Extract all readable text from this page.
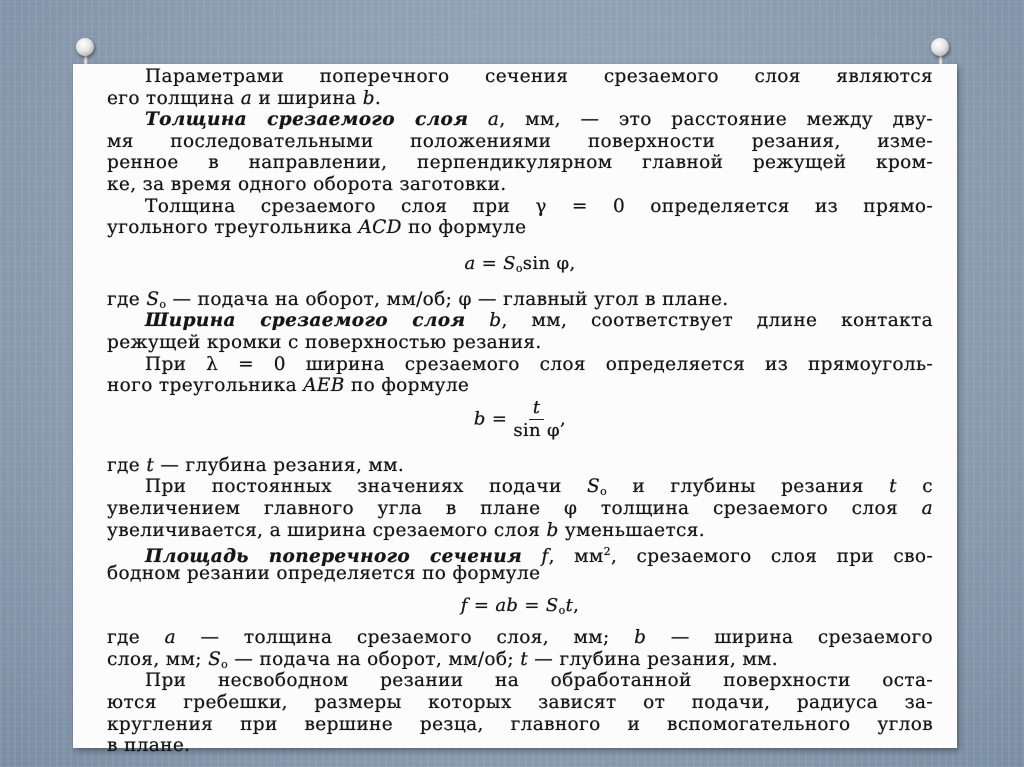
Параметрами поперечного сечения срезаемого слоя являются
его толщина a и ширина b.
Толщина срезаемого слоя a, мм, — это расстояние между дву-
мя последовательными положениями поверхности резания, изме-
ренное в направлении, перпендикулярном главной режущей кром-
ке, за время одного оборота заготовки.
Толщина срезаемого слоя при γ = 0 определяется из прямо-
угольного треугольника ACD по формуле
$a = S_o\sin$ φ,
где $S_o$ — подача на оборот, мм/об; φ — главный угол в плане.
Ширина срезаемого слоя b, мм, соответствует длине контакта
режущей кромки с поверхностью резания.
При λ = 0 ширина срезаемого слоя определяется из прямоуголь-
ного треугольника AEB по формуле
$b = \frac{t}{\text{sin φ}}$ ,
где t — глубина резания, мм.
При постоянных значениях подачи $S_o$ и глубины резания t с
увеличением главного угла в плане φ толщина срезаемого слоя a
увеличивается, а ширина срезаемого слоя b уменьшается.
Площадь поперечного сечения f, $мм^2$, срезаемого слоя при сво-
бодном резании определяется по формуле
f = ab = $S_ot$,
где a — толщина срезаемого слоя, мм; b — ширина срезаемого
слоя, мм; $S_o$ — подача на оборот, мм/об; t — глубина резания, мм.
При несвободном резании на обработанной поверхности оста-
ются гребешки, размеры которых зависят от подачи, радиуса за-
кругления при вершине резца, главного и вспомогательного углов
в плане.
